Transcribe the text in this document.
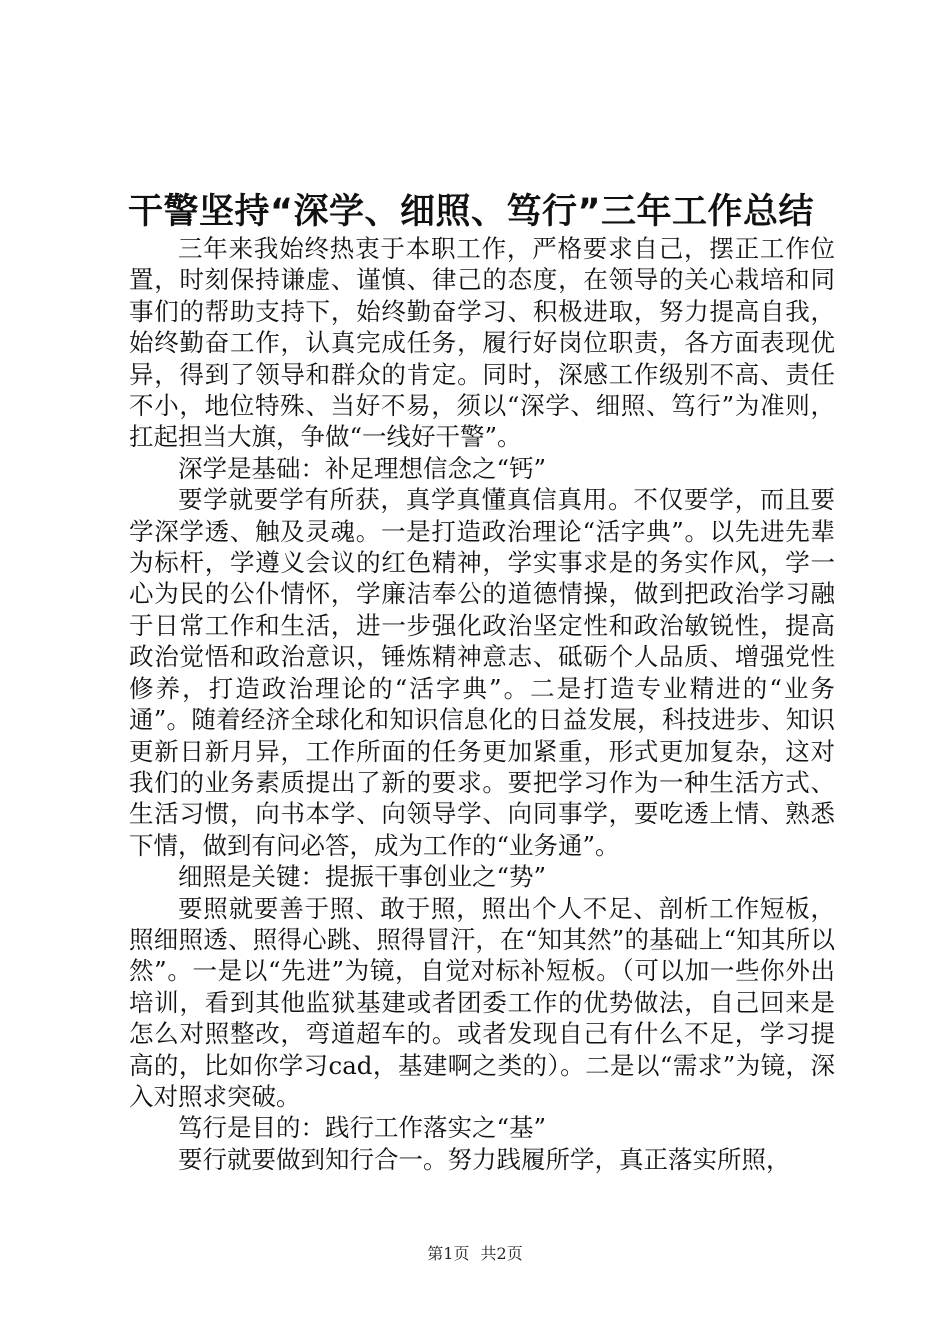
干警坚持“深学、细照、笃行”三年工作总结

三年来我始终热衷于本职工作，严格要求自己，摆正工作位置，时刻保持谦虚、谨慎、律己的态度，在领导的关心栽培和同事们的帮助支持下，始终勤奋学习、积极进取，努力提高自我，始终勤奋工作，认真完成任务，履行好岗位职责，各方面表现优异，得到了领导和群众的肯定。同时，深感工作级别不高、责任不小，地位特殊、当好不易，须以“深学、细照、笃行”为准则，扛起担当大旗，争做“一线好干警”。

深学是基础：补足理想信念之“钙”

要学就要学有所获，真学真懂真信真用。不仅要学，而且要学深学透、触及灵魂。一是打造政治理论“活字典”。以先进先辈为标杆，学遵义会议的红色精神，学实事求是的务实作风，学一心为民的公仆情怀，学廉洁奉公的道德情操，做到把政治学习融于日常工作和生活，进一步强化政治坚定性和政治敏锐性，提高政治觉悟和政治意识，锤炼精神意志、砥砺个人品质、增强党性修养，打造政治理论的“活字典”。二是打造专业精进的“业务通”。随着经济全球化和知识信息化的日益发展，科技进步、知识更新日新月异，工作所面的任务更加紧重，形式更加复杂，这对我们的业务素质提出了新的要求。要把学习作为一种生活方式、生活习惯，向书本学、向领导学、向同事学，要吃透上情、熟悉下情，做到有问必答，成为工作的“业务通”。

细照是关键：提振干事创业之“势”

要照就要善于照、敢于照，照出个人不足、剖析工作短板，照细照透、照得心跳、照得冒汗，在“知其然”的基础上“知其所以然”。一是以“先进”为镜，自觉对标补短板。（可以加一些你外出培训，看到其他监狱基建或者团委工作的优势做法，自己回来是怎么对照整改，弯道超车的。或者发现自己有什么不足，学习提高的，比如你学习cad，基建啊之类的）。二是以“需求”为镜，深入对照求突破。

笃行是目的：践行工作落实之“基”

要行就要做到知行合一。努力践履所学，真正落实所照，

第1页 共2页
